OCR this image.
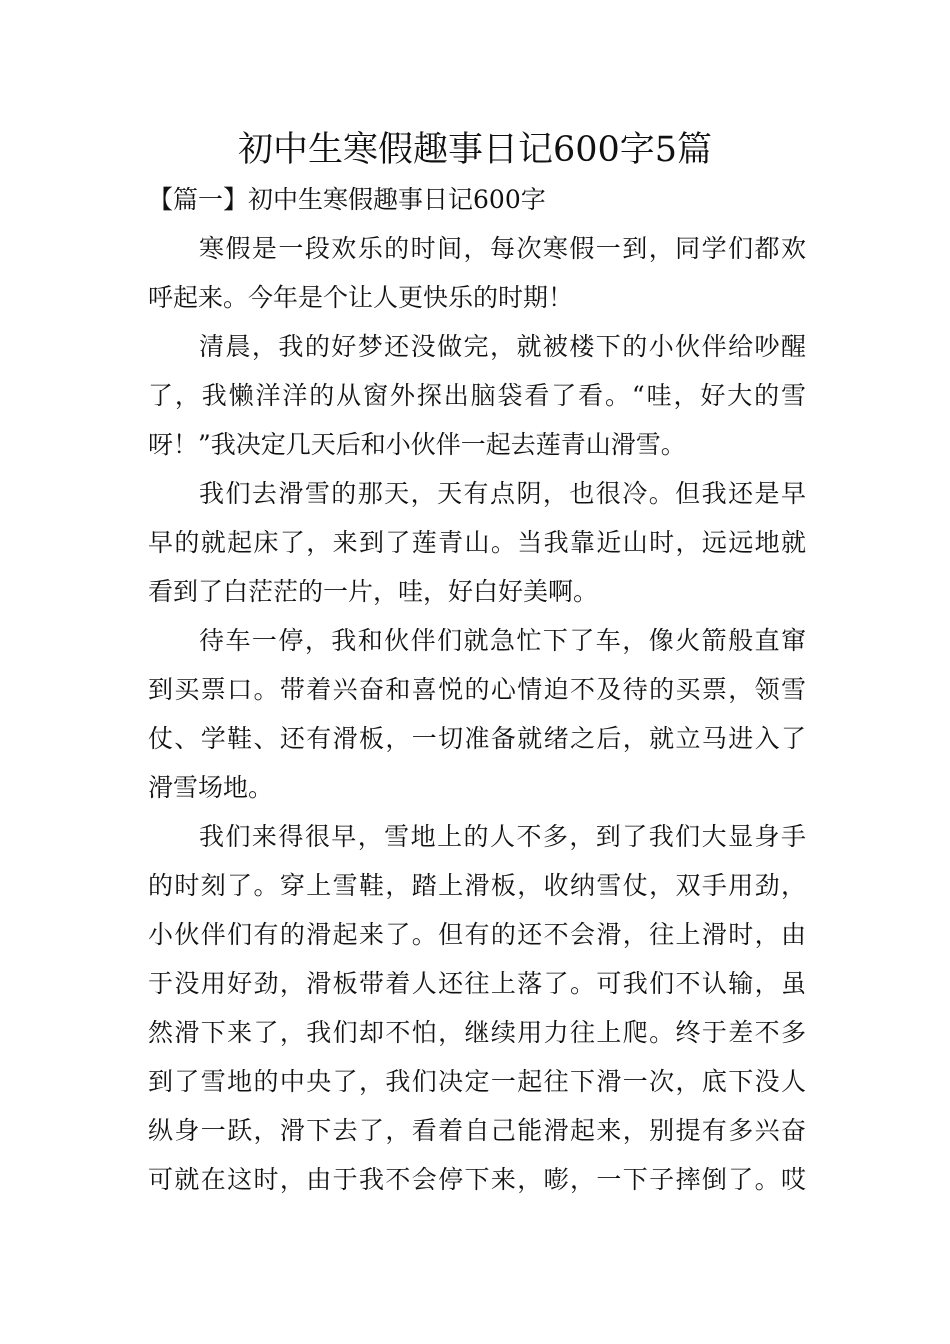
初中生寒假趣事日记600字5篇

【篇一】初中生寒假趣事日记600字

寒假是一段欢乐的时间，每次寒假一到，同学们都欢
呼起来。今年是个让人更快乐的时期！
清晨，我的好梦还没做完，就被楼下的小伙伴给吵醒
了，我懒洋洋的从窗外探出脑袋看了看。“哇，好大的雪
呀！”我决定几天后和小伙伴一起去莲青山滑雪。
我们去滑雪的那天，天有点阴，也很冷。但我还是早
早的就起床了，来到了莲青山。当我靠近山时，远远地就
看到了白茫茫的一片，哇，好白好美啊。
待车一停，我和伙伴们就急忙下了车，像火箭般直窜
到买票口。带着兴奋和喜悦的心情迫不及待的买票，领雪
仗、学鞋、还有滑板，一切准备就绪之后，就立马进入了
滑雪场地。
我们来得很早，雪地上的人不多，到了我们大显身手
的时刻了。穿上雪鞋，踏上滑板，收纳雪仗，双手用劲，
小伙伴们有的滑起来了。但有的还不会滑，往上滑时，由
于没用好劲，滑板带着人还往上落了。可我们不认输，虽
然滑下来了，我们却不怕，继续用力往上爬。终于差不多
到了雪地的中央了，我们决定一起往下滑一次，底下没人
纵身一跃，滑下去了，看着自己能滑起来，别提有多兴奋
可就在这时，由于我不会停下来，嘭，一下子摔倒了。哎
